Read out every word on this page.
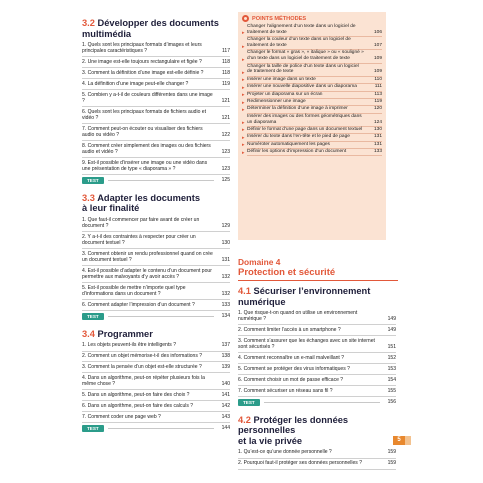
3.2 Développer des documents
multimédia
1. Quels sont les principaux formats d’images et leurs principales caractéristiques ?	117
2. Une image est-elle toujours rectangulaire et figée ?	118
3. Comment la définition d’une image est-elle définie ?	118
4. La définition d’une image peut-elle changer ?	119
5. Combien y a-t-il de couleurs différentes dans une image ?	121
6. Quels sont les principaux formats de fichiers audio et vidéo ?	121
7. Comment peut-on écouter ou visualiser des fichiers audio ou vidéo ?	122
8. Comment créer simplement des images ou des fichiers audio et vidéo ?	123
9. Est-il possible d’insérer une image ou une vidéo dans une présentation de type « diaporama » ?	123
TEST	125
3.3 Adapter les documents
à leur finalité
1. Que faut-il commencer par faire avant de créer un document ?	129
2. Y a-t-il des contraintes à respecter pour créer un document textuel ?	130
3. Comment obtenir un rendu professionnel quand on crée un document textuel ?	131
4. Est-il possible d’adapter le contenu d’un document pour permettre aux malvoyants d’y avoir accès ?	132
5. Est-il possible de mettre n’importe quel type d’informations dans un document ?	132
6. Comment adapter l’impression d’un document ?	133
TEST	134
3.4 Programmer
1. Les objets peuvent-ils être intelligents ?	137
2. Comment un objet mémorise-t-il des informations ?	138
3. Comment la pensée d’un objet est-elle structurée ?	139
4. Dans un algorithme, peut-on répéter plusieurs fois la même chose ?	140
5. Dans un algorithme, peut-on faire des choix ?	141
6. Dans un algorithme, peut-on faire des calculs ?	142
7. Comment coder une page web ?	143
TEST	144
POINTS MÉTHODES
▸
Changer l’alignement d’un texte dans un logiciel de traitement de texte	106
▸
Changer la couleur d’un texte dans un logiciel de traitement de texte	107
▸
Changer le format « gras », « italique » ou « souligné » d’un texte dans un logiciel de traitement de texte	109
▸
Changer la taille de police d’un texte dans un logiciel de traitement de texte	109
▸ Insérer une image dans un texte	110
▸ Insérer une nouvelle diapositive dans un diaporama	111
▸ Projeter un diaporama sur un écran	113
▸ Redimensionner une image	119
▸ Déterminer la définition d’une image à imprimer	120
▸
Insérer des images ou des formes géométriques dans un diaporama	124
▸ Définir le format d’une page dans un document textuel	130
▸ Insérer du texte dans l’en-tête et le pied de page	131
▸ Numéroter automatiquement les pages	131
▸ Définir les options d’impression d’un document	133
Domaine 4
Protection et sécurité
4.1 Sécuriser l’environnement
numérique
1. Que risque-t-on quand on utilise un environnement numérique ?	149
2. Comment limiter l’accès à un smartphone ?	149
3. Comment s’assurer que les échanges avec un site internet sont sécurisés ?	151
4. Comment reconnaître un e-mail malveillant ?	152
5. Comment se protéger des virus informatiques ?	153
6. Comment choisir un mot de passe efficace ?	154
7. Comment sécuriser un réseau sans fil ?	155
TEST	156
4.2 Protéger les données personnelles
et la vie privée
1. Qu’est-ce qu’une donnée personnelle ?	159
2. Pourquoi faut-il protéger ses données personnelles ?	159
5
